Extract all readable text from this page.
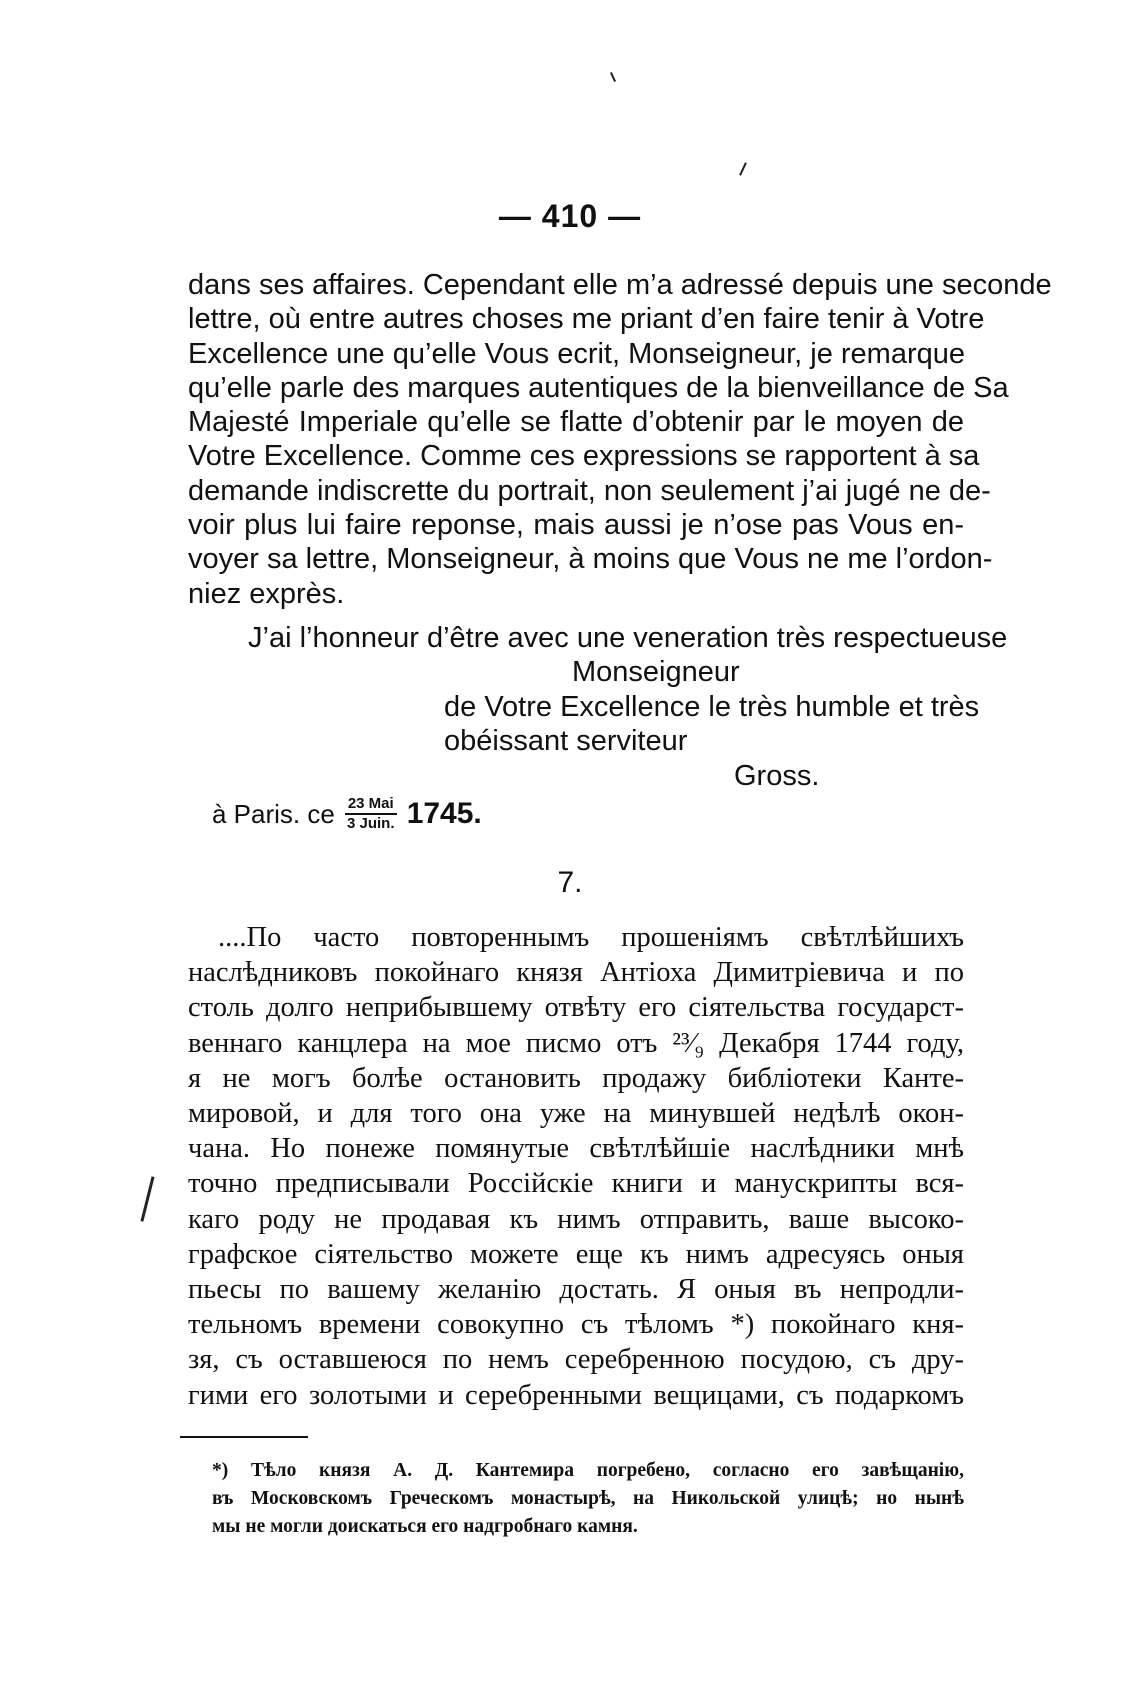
— 410 —
dans ses affaires. Cependant elle m’a adressé depuis une seconde
lettre, où entre autres choses me priant d’en faire tenir à Votre
Excellence une qu’elle Vous ecrit, Monseigneur, je remarque
qu’elle parle des marques autentiques de la bienveillance de Sa
Majesté Imperiale qu’elle se flatte d’obtenir par le moyen de
Votre Excellence. Comme ces expressions se rapportent à sa
demande indiscrette du portrait, non seulement j’ai jugé ne de-
voir plus lui faire reponse, mais aussi je n’ose pas Vous en-
voyer sa lettre, Monseigneur, à moins que Vous ne me l’ordon-
niez exprès.
J’ai l’honneur d’être avec une veneration très respectueuse
Monseigneur
de Votre Excellence le très humble et très
obéissant serviteur
Gross.
à Paris. ce $\frac{\text{23 Mai}}{\text{3 Juin.}} 1745$.
7.
....По часто повтореннымъ прошеніямъ свѣтлѣйшихъ
наслѣдниковъ покойнаго князя Антіоха Димитріевича и по
столь долго неприбывшему отвѣту его сіятельства государст-
веннаго канцлера на мое писмо отъ ²³⁄₉ Декабря 1744 году,
я не могъ болѣе остановить продажу библіотеки Канте-
мировой, и для того она уже на минувшей недѣлѣ окон-
чана. Но понеже помянутые свѣтлѣйшіе наслѣдники мнѣ
точно предписывали Россійскіе книги и манускрипты вся-
каго роду не продавая къ нимъ отправить, ваше высоко-
графское сіятельство можете еще къ нимъ адресуясь оныя
пьесы по вашему желанію достать. Я оныя въ непродли-
тельномъ времени совокупно съ тѣломъ *) покойнаго кня-
зя, съ оставшеюся по немъ серебренною посудою, съ дру-
гими его золотыми и серебренными вещицами, съ подаркомъ
*) Тѣло князя А. Д. Кантемира погребено, согласно его завѣщанію,
въ Московскомъ Греческомъ монастырѣ, на Никольской улицѣ; но нынѣ
мы не могли доискаться его надгробнаго камня.
